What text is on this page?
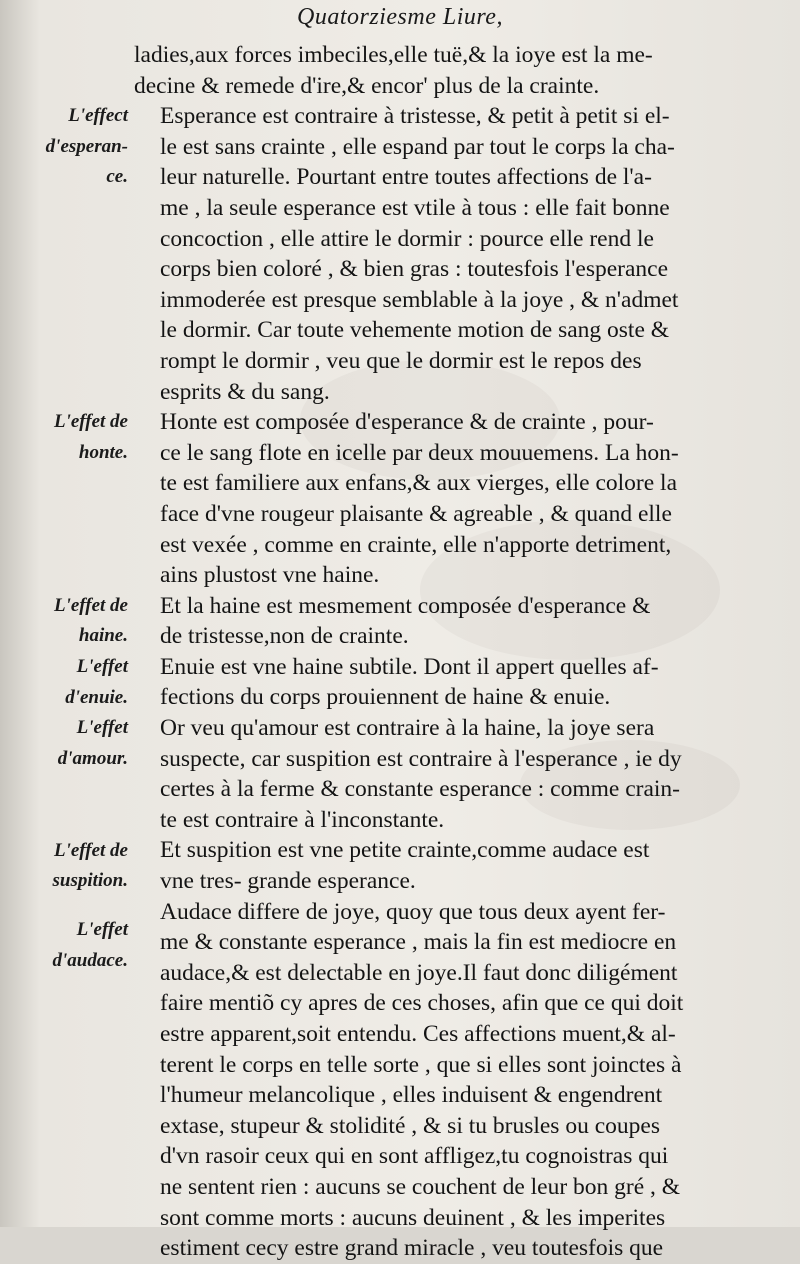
Quatorziesme Liure,
ladies,aux forces imbeciles,elle tuë,& la ioye est la me-
decine & remede d'ire,& encor' plus de la crainte.
Esperance est contraire à tristesse, & petit à petit si el-
le est sans crainte , elle espand par tout le corps la cha-
leur naturelle. Pourtant entre toutes affections de l'a-
me , la seule esperance est vtile à tous : elle fait bonne
concoction , elle attire le dormir : pource elle rend le
corps bien coloré , & bien gras : toutesfois l'esperance
immoderée est presque semblable à la joye , & n'admet
le dormir. Car toute vehemente motion de sang oste &
rompt le dormir , veu que le dormir est le repos des
esprits & du sang.
Honte est composée d'esperance & de crainte , pour-
ce le sang flote en icelle par deux mouuemens. La hon-
te est familiere aux enfans,& aux vierges, elle colore la
face d'vne rougeur plaisante & agreable , & quand elle
est vexée , comme en crainte, elle n'apporte detriment,
ains plustost vne haine.
Et la haine est mesmement composée d'esperance &
de tristesse,non de crainte.
Enuie est vne haine subtile. Dont il appert quelles af-
fections du corps prouiennent de haine & enuie.
Or veu qu'amour est contraire à la haine, la joye sera
suspecte, car suspition est contraire à l'esperance , ie dy
certes à la ferme & constante esperance : comme crain-
te est contraire à l'inconstante.
Et suspition est vne petite crainte,comme audace est
vne tres- grande esperance.
Audace differe de joye, quoy que tous deux ayent fer-
me & constante esperance , mais la fin est mediocre en
audace,& est delectable en joye.Il faut donc diligément
faire mentiõ cy apres de ces choses, afin que ce qui doit
estre apparent,soit entendu. Ces affections muent,& al-
terent le corps en telle sorte , que si elles sont joinctes à
l'humeur melancolique , elles induisent & engendrent
extase, stupeur & stolidité , & si tu brusles ou coupes
d'vn rasoir ceux qui en sont affligez,tu cognoistras qui
ne sentent rien : aucuns se couchent de leur bon gré , &
sont comme morts : aucuns deuinent , & les imperites
estiment cecy estre grand miracle , veu toutesfois que
L'effect
d'esperan-
ce.
L'effet de
honte.
L'effet de
haine.
L'effet
d'enuie.
L'effet
d'amour.
L'effet de
suspition.
L'effet
d'audace.
